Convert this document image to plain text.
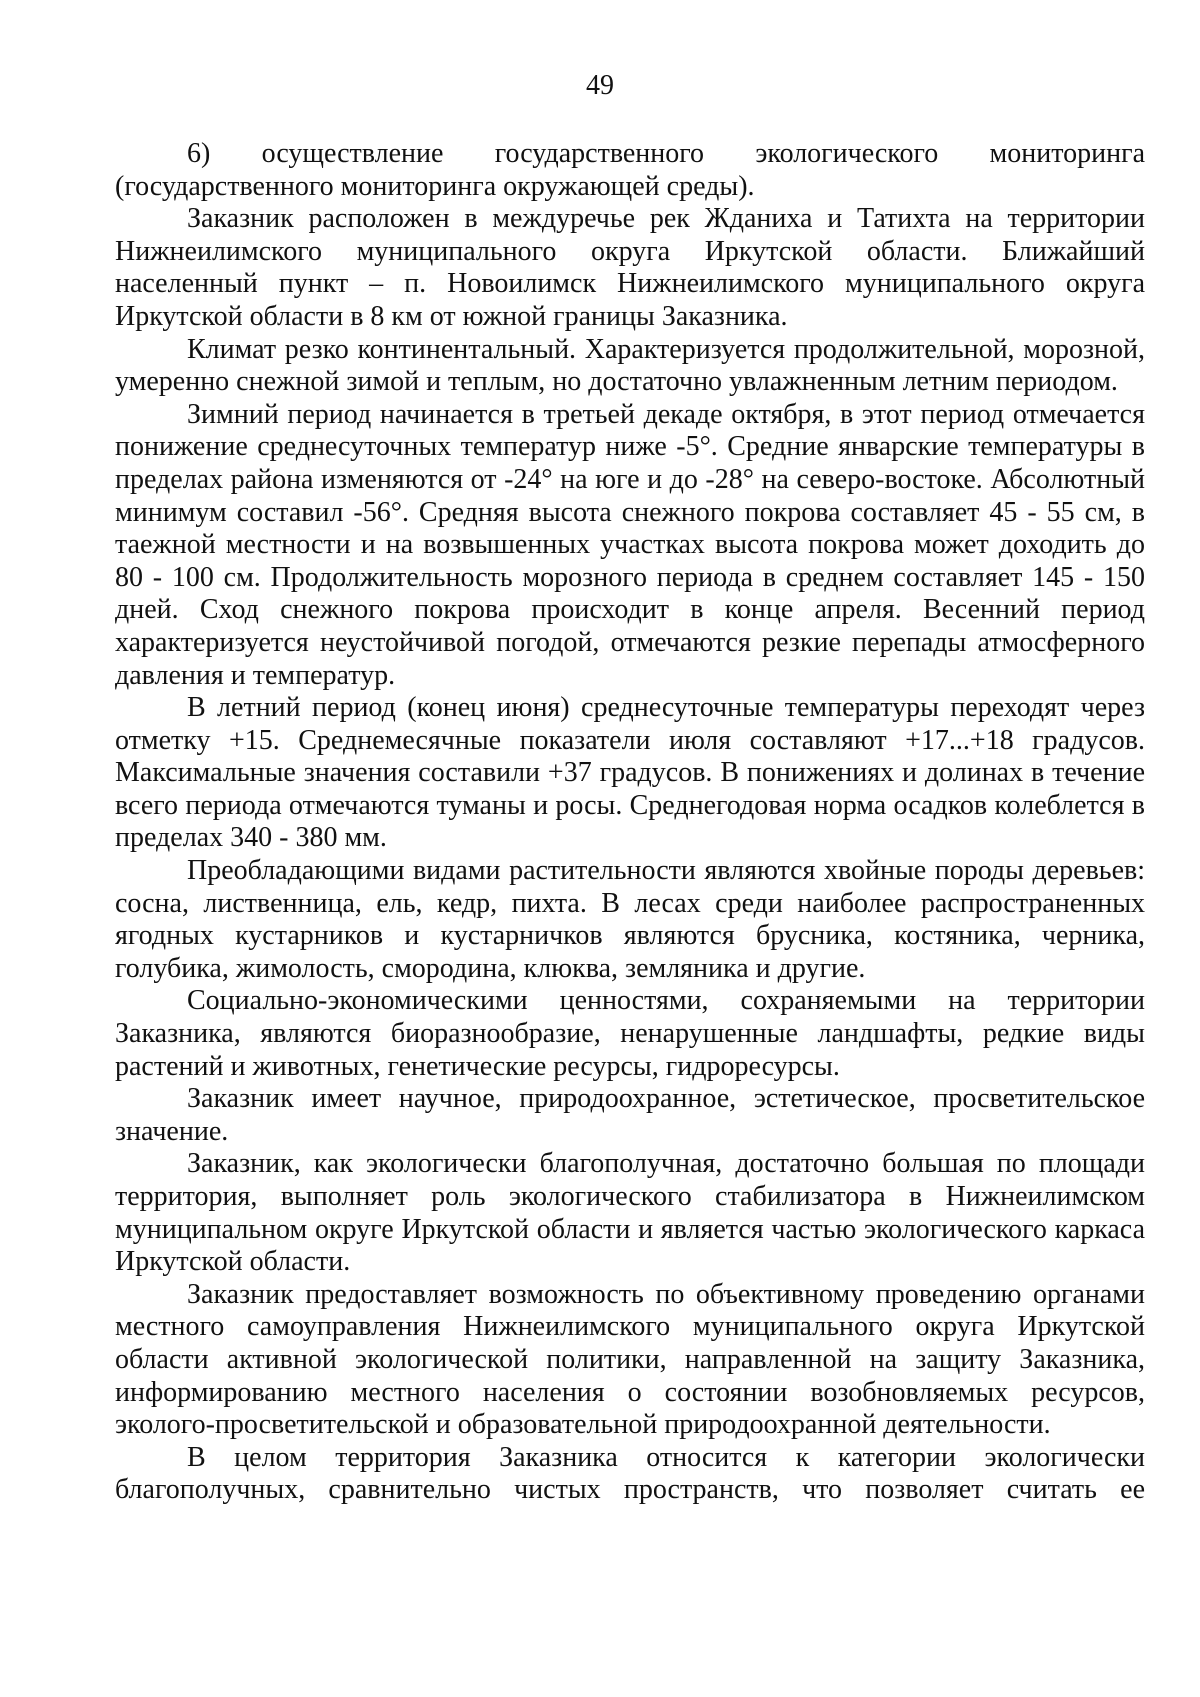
49

6) осуществление государственного экологического мониторинга (государственного мониторинга окружающей среды).

Заказник расположен в междуречье рек Жданиха и Татихта на территории Нижнеилимского муниципального округа Иркутской области. Ближайший населенный пункт – п. Новоилимск Нижнеилимского муниципального округа Иркутской области в 8 км от южной границы Заказника.

Климат резко континентальный. Характеризуется продолжительной, морозной, умеренно снежной зимой и теплым, но достаточно увлажненным летним периодом.

Зимний период начинается в третьей декаде октября, в этот период отмечается понижение среднесуточных температур ниже -5°. Средние январские температуры в пределах района изменяются от -24° на юге и до -28° на северо-востоке. Абсолютный минимум составил -56°. Средняя высота снежного покрова составляет 45 - 55 см, в таежной местности и на возвышенных участках высота покрова может доходить до 80 - 100 см. Продолжительность морозного периода в среднем составляет 145 - 150 дней. Сход снежного покрова происходит в конце апреля. Весенний период характеризуется неустойчивой погодой, отмечаются резкие перепады атмосферного давления и температур.

В летний период (конец июня) среднесуточные температуры переходят через отметку +15. Среднемесячные показатели июля составляют +17...+18 градусов. Максимальные значения составили +37 градусов. В понижениях и долинах в течение всего периода отмечаются туманы и росы. Среднегодовая норма осадков колеблется в пределах 340 - 380 мм.

Преобладающими видами растительности являются хвойные породы деревьев: сосна, лиственница, ель, кедр, пихта. В лесах среди наиболее распространенных ягодных кустарников и кустарничков являются брусника, костяника, черника, голубика, жимолость, смородина, клюква, земляника и другие.

Социально-экономическими ценностями, сохраняемыми на территории Заказника, являются биоразнообразие, ненарушенные ландшафты, редкие виды растений и животных, генетические ресурсы, гидроресурсы.

Заказник имеет научное, природоохранное, эстетическое, просветительское значение.

Заказник, как экологически благополучная, достаточно большая по площади территория, выполняет роль экологического стабилизатора в Нижнеилимском муниципальном округе Иркутской области и является частью экологического каркаса Иркутской области.

Заказник предоставляет возможность по объективному проведению органами местного самоуправления Нижнеилимского муниципального округа Иркутской области активной экологической политики, направленной на защиту Заказника, информированию местного населения о состоянии возобновляемых ресурсов, эколого-просветительской и образовательной природоохранной деятельности.

В целом территория Заказника относится к категории экологически благополучных, сравнительно чистых пространств, что позволяет считать ее
